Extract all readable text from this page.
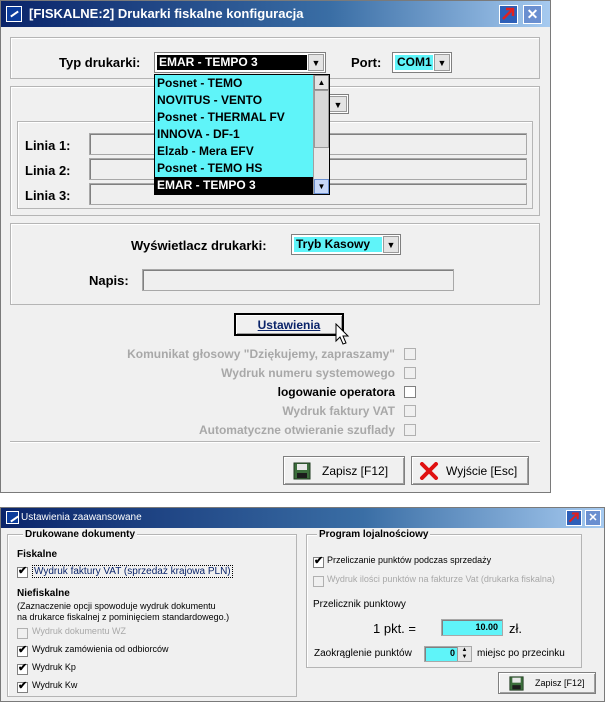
[FISKALNE:2] Drukarki fiskalne konfiguracja	✕
Typ drukarki: EMAR - TEMPO 3	▼ Port: COM1 ▼
▼
Linia 1:
Linia 2:
Linia 3:
Wyświetlacz drukarki: Tryb Kasowy	▼
Napis:
Ustawienia
Komunikat głosowy "Dziękujemy, zapraszamy"
Wydruk numeru systemowego
logowanie operatora
Wydruk faktury VAT
Automatyczne otwieranie szuflady
Zapisz [F12]	Wyjście [Esc]
Posnet - TEMO
NOVITUS - VENTO
Posnet - THERMAL FV
INNOVA - DF-1
Elzab - Mera EFV
Posnet - TEMO HS
EMAR - TEMPO 3
▲
▼
Ustawienia zaawansowane	✕
Drukowane dokumenty
Fiskalne
✔ Wydruk faktury VAT (sprzedaż krajowa PLN)
Niefiskalne
(Zaznaczenie opcji spowoduje wydruk dokumentu
na drukarce fiskalnej z pominięciem standardowego.)
Wydruk dokumentu WZ
✔ Wydruk zamówienia od odbiorców
✔ Wydruk Kp
✔ Wydruk Kw
Program lojalnościowy
✔ Przeliczanie punktów podczas sprzedaży
Wydruk ilości punktów na fakturze Vat (drukarka fiskalna)
Przelicznik punktowy
1 pkt. =	10.00 zł.
Zaokrąglenie punktów	0	▲
▼ miejsc po przecinku
Zapisz [F12]
